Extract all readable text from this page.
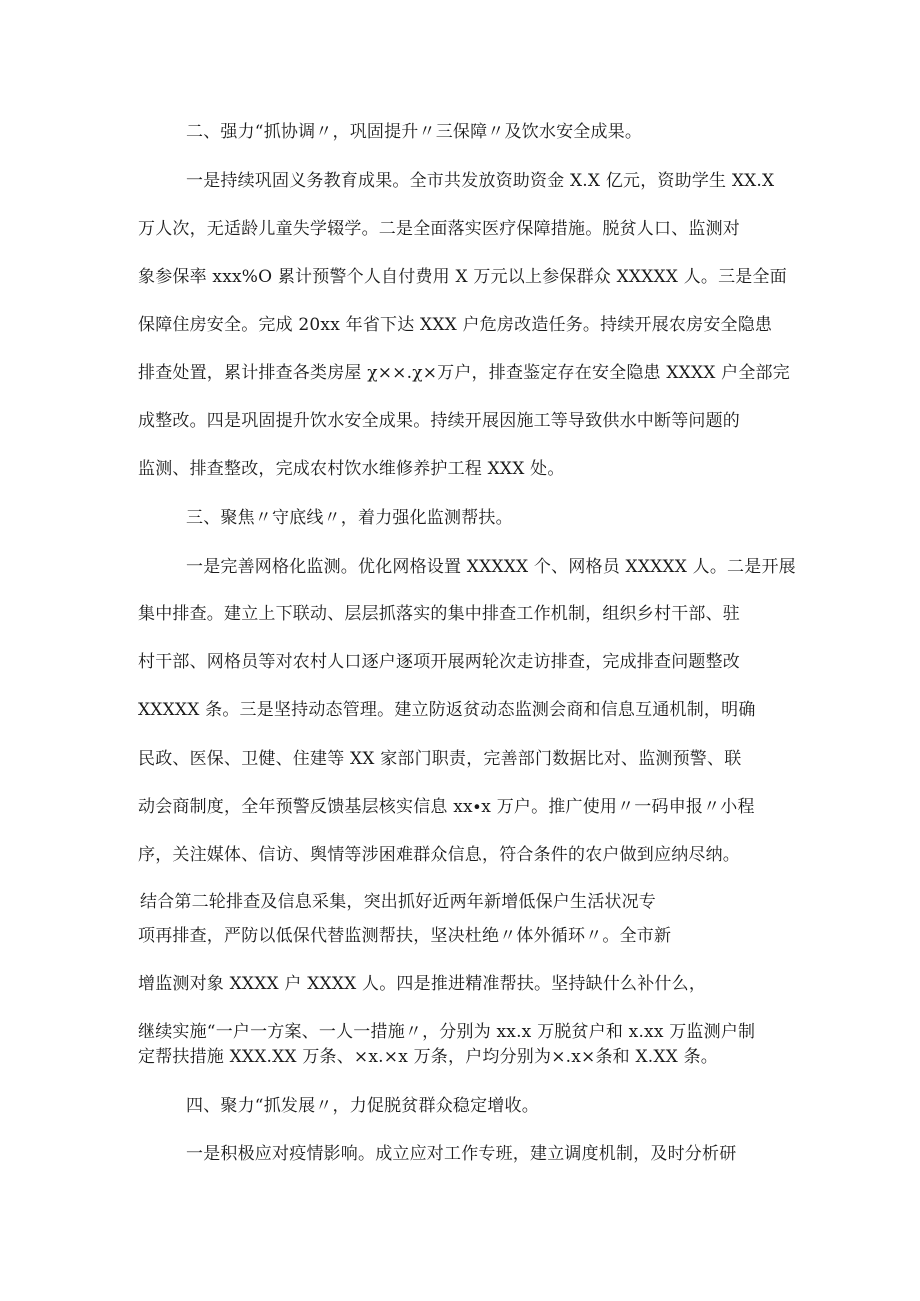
二、强力“抓协调〃，巩固提升〃三保障〃及饮水安全成果。
一是持续巩固义务教育成果。全市共发放资助资金 X.X 亿元，资助学生 XX.X
万人次，无适龄儿童失学辍学。二是全面落实医疗保障措施。脱贫人口、监测对
象参保率 xxx%O 累计预警个人自付费用 X 万元以上参保群众 XXXXX 人。三是全面
保障住房安全。完成 20xx 年省下达 XXX 户危房改造任务。持续开展农房安全隐患
排查处置，累计排查各类房屋 χ××.χ×万户，排查鉴定存在安全隐患 XXXX 户全部完
成整改。四是巩固提升饮水安全成果。持续开展因施工等导致供水中断等问题的
监测、排查整改，完成农村饮水维修养护工程 XXX 处。
三、聚焦〃守底线〃，着力强化监测帮扶。
一是完善网格化监测。优化网格设置 XXXXX 个、网格员 XXXXX 人。二是开展
集中排查。建立上下联动、层层抓落实的集中排查工作机制，组织乡村干部、驻
村干部、网格员等对农村人口逐户逐项开展两轮次走访排查，完成排查问题整改
XXXXX 条。三是坚持动态管理。建立防返贫动态监测会商和信息互通机制，明确
民政、医保、卫健、住建等 XX 家部门职责，完善部门数据比对、监测预警、联
动会商制度，全年预警反馈基层核实信息 xx∙x 万户。推广使用〃一码申报〃小程
序，关注媒体、信访、舆情等涉困难群众信息，符合条件的农户做到应纳尽纳。
结合第二轮排查及信息采集，突出抓好近两年新增低保户生活状况专
项再排查，严防以低保代替监测帮扶，坚决杜绝〃体外循环〃。全市新
增监测对象 XXXX 户 XXXX 人。四是推进精准帮扶。坚持缺什么补什么，
继续实施“一户一方案、一人一措施〃，分别为 xx.x 万脱贫户和 x.xx 万监测户制
定帮扶措施 XXX.XX 万条、×x.×x 万条，户均分别为×.x×条和 X.XX 条。
四、聚力“抓发展〃，力促脱贫群众稳定增收。
一是积极应对疫情影响。成立应对工作专班，建立调度机制，及时分析研
